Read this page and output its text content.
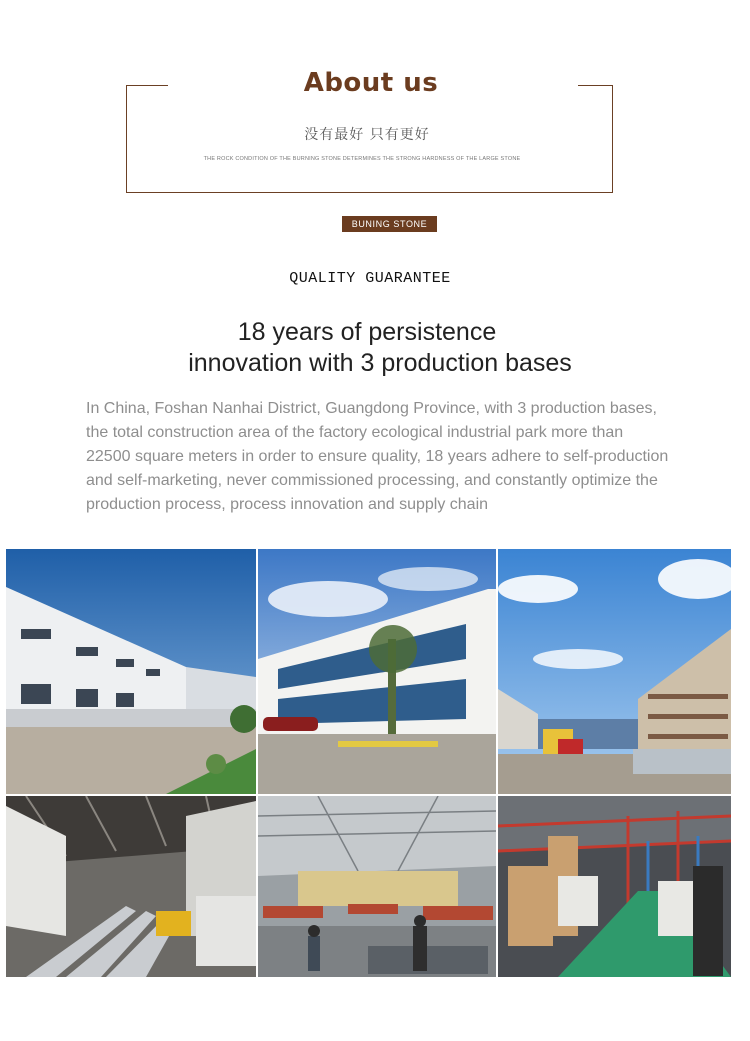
About us
没有最好 只有更好
THE ROCK CONDITION OF THE BURNING STONE DETERMINES THE STRONG HARDNESS OF THE LARGE STONE
BUNING STONE
QUALITY GUARANTEE
18 years of persistence
innovation with 3 production bases
In China, Foshan Nanhai District, Guangdong Province, with 3 production bases,
the total construction area of the factory ecological industrial park more than
22500 square meters in order to ensure quality, 18 years adhere to self-production
and self-marketing, never commissioned processing, and constantly optimize the
production process, process innovation and supply chain
